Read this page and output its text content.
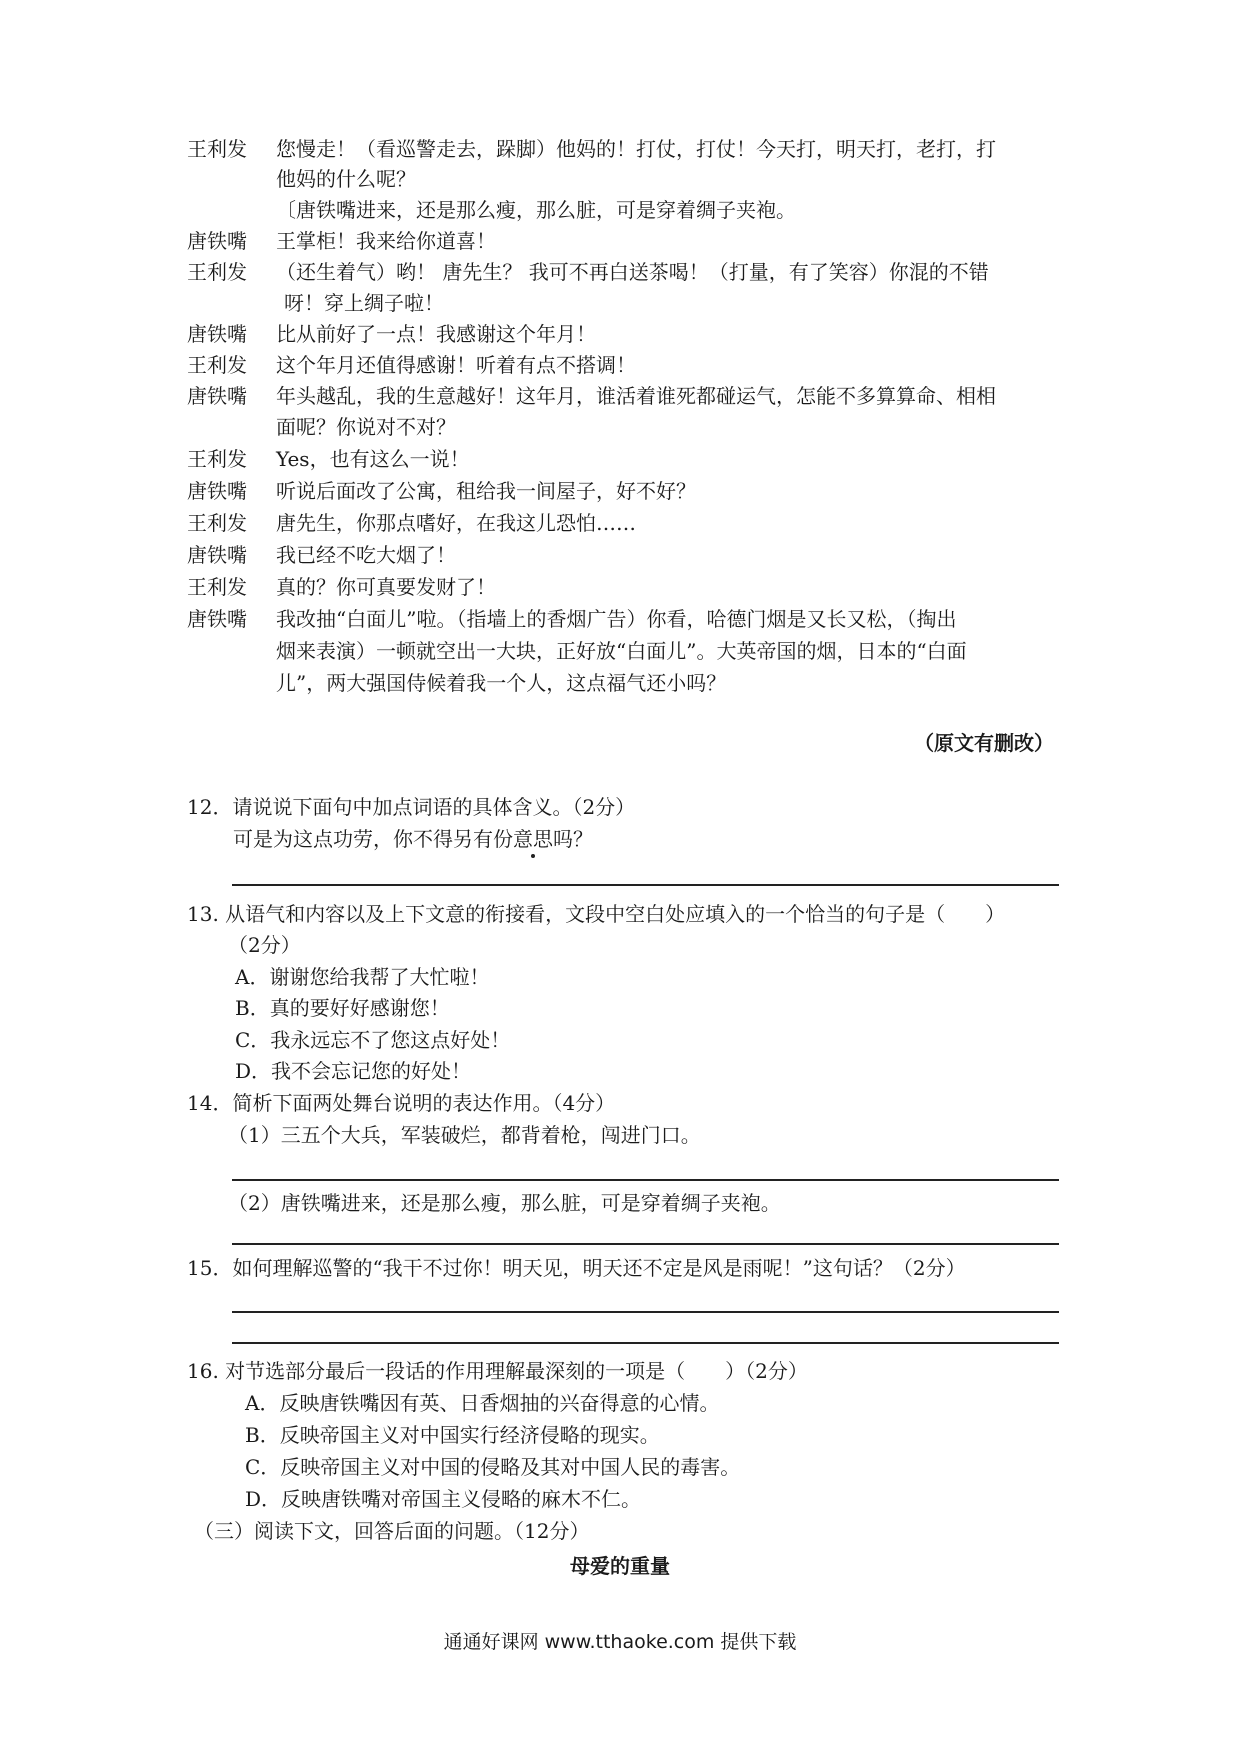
王利发 您慢走！（看巡警走去，跺脚）他妈的！打仗，打仗！今天打，明天打，老打，打
他妈的什么呢？
〔唐铁嘴进来，还是那么瘦，那么脏，可是穿着绸子夹袍。
唐铁嘴 王掌柜！我来给你道喜！
王利发 （还生着气）哟！ 唐先生？ 我可不再白送茶喝！（打量，有了笑容）你混的不错
呀！穿上绸子啦！
唐铁嘴 比从前好了一点！我感谢这个年月！
王利发 这个年月还值得感谢！听着有点不搭调！
唐铁嘴 年头越乱，我的生意越好！这年月，谁活着谁死都碰运气，怎能不多算算命、相相
面呢？你说对不对？
王利发 Yes，也有这么一说！
唐铁嘴 听说后面改了公寓，租给我一间屋子，好不好？
王利发 唐先生，你那点嗜好，在我这儿恐怕……
唐铁嘴 我已经不吃大烟了！
王利发 真的？你可真要发财了！
唐铁嘴 我改抽“白面儿”啦。（指墙上的香烟广告）你看，哈德门烟是又长又松，（掏出
烟来表演）一顿就空出一大块，正好放“白面儿”。大英帝国的烟，日本的“白面
儿”，两大强国侍候着我一个人，这点福气还小吗？
（原文有删改）
12．请说说下面句中加点词语的具体含义。（2分）
可是为这点功劳，你不得另有份意思吗？
13. 从语气和内容以及上下文意的衔接看，文段中空白处应填入的一个恰当的句子是（　　）
（2分）
A．谢谢您给我帮了大忙啦！
B．真的要好好感谢您！
C．我永远忘不了您这点好处！
D．我不会忘记您的好处！
14．简析下面两处舞台说明的表达作用。（4分）
（1）三五个大兵，军装破烂，都背着枪，闯进门口。
（2）唐铁嘴进来，还是那么瘦，那么脏，可是穿着绸子夹袍。
15．如何理解巡警的“我干不过你！明天见，明天还不定是风是雨呢！”这句话？（2分）
16. 对节选部分最后一段话的作用理解最深刻的一项是（　　）（2分）
A．反映唐铁嘴因有英、日香烟抽的兴奋得意的心情。
B．反映帝国主义对中国实行经济侵略的现实。
C．反映帝国主义对中国的侵略及其对中国人民的毒害。
D．反映唐铁嘴对帝国主义侵略的麻木不仁。
（三）阅读下文，回答后面的问题。（12分）
母爱的重量
通通好课网 www.tthaoke.com 提供下载
